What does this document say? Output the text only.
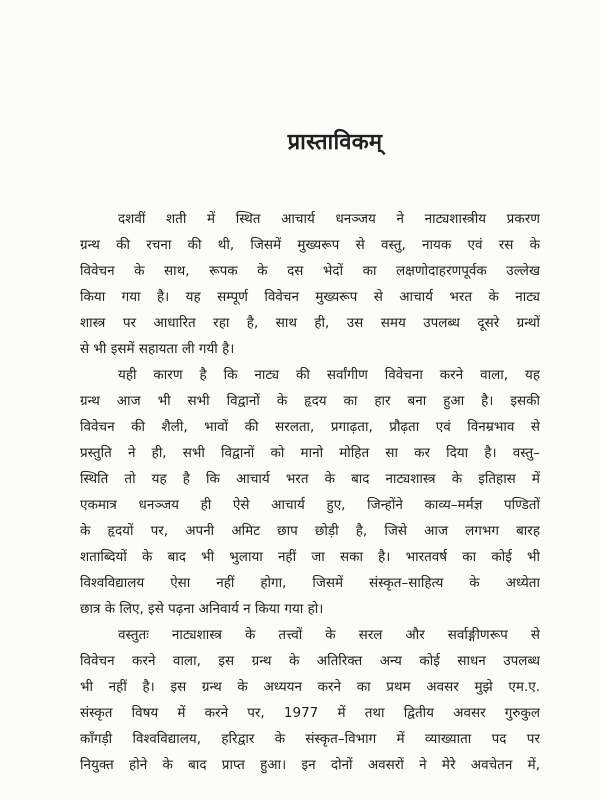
प्रास्ताविकम्
दशवीं शती में स्थित आचार्य धनञ्जय ने नाट्यशास्त्रीय प्रकरण
ग्रन्थ की रचना की थी, जिसमें मुख्यरूप से वस्तु, नायक एवं रस के
विवेचन के साथ, रूपक के दस भेदों का लक्षणोदाहरणपूर्वक उल्लेख
किया गया है। यह सम्पूर्ण विवेचन मुख्यरूप से आचार्य भरत के नाट्य
शास्त्र पर आधारित रहा है, साथ ही, उस समय उपलब्ध दूसरे ग्रन्थों
से भी इसमें सहायता ली गयी है।
यही कारण है कि नाट्य की सर्वांगीण विवेचना करने वाला, यह
ग्रन्थ आज भी सभी विद्वानों के हृदय का हार बना हुआ है। इसकी
विवेचन की शैली, भावों की सरलता, प्रगाढ़ता, प्रौढ़ता एवं विनम्रभाव से
प्रस्तुति ने ही, सभी विद्वानों को मानो मोहित सा कर दिया है। वस्तु–
स्थिति तो यह है कि आचार्य भरत के बाद नाट्यशास्त्र के इतिहास में
एकमात्र धनञ्जय ही ऐसे आचार्य हुए, जिन्होंने काव्य–मर्मज्ञ पण्डितों
के हृदयों पर, अपनी अमिट छाप छोड़ी है, जिसे आज लगभग बारह
शताब्दियों के बाद भी भुलाया नहीं जा सका है। भारतवर्ष का कोई भी
विश्वविद्यालय ऐसा नहीं होगा, जिसमें संस्कृत–साहित्य के अध्येता
छात्र के लिए, इसे पढ़ना अनिवार्य न किया गया हो।
वस्तुतः नाट्यशास्त्र के तत्त्वों के सरल और सर्वाङ्गीणरूप से
विवेचन करने वाला, इस ग्रन्थ के अतिरिक्त अन्य कोई साधन उपलब्ध
भी नहीं है। इस ग्रन्थ के अध्ययन करने का प्रथम अवसर मुझे एम.ए.
संस्कृत विषय में करने पर, 1977 में तथा द्वितीय अवसर गुरुकुल
काँगड़ी विश्वविद्यालय, हरिद्वार के संस्कृत–विभाग में व्याख्याता पद पर
नियुक्त होने के बाद प्राप्त हुआ। इन दोनों अवसरों ने मेरे अवचेतन में,
